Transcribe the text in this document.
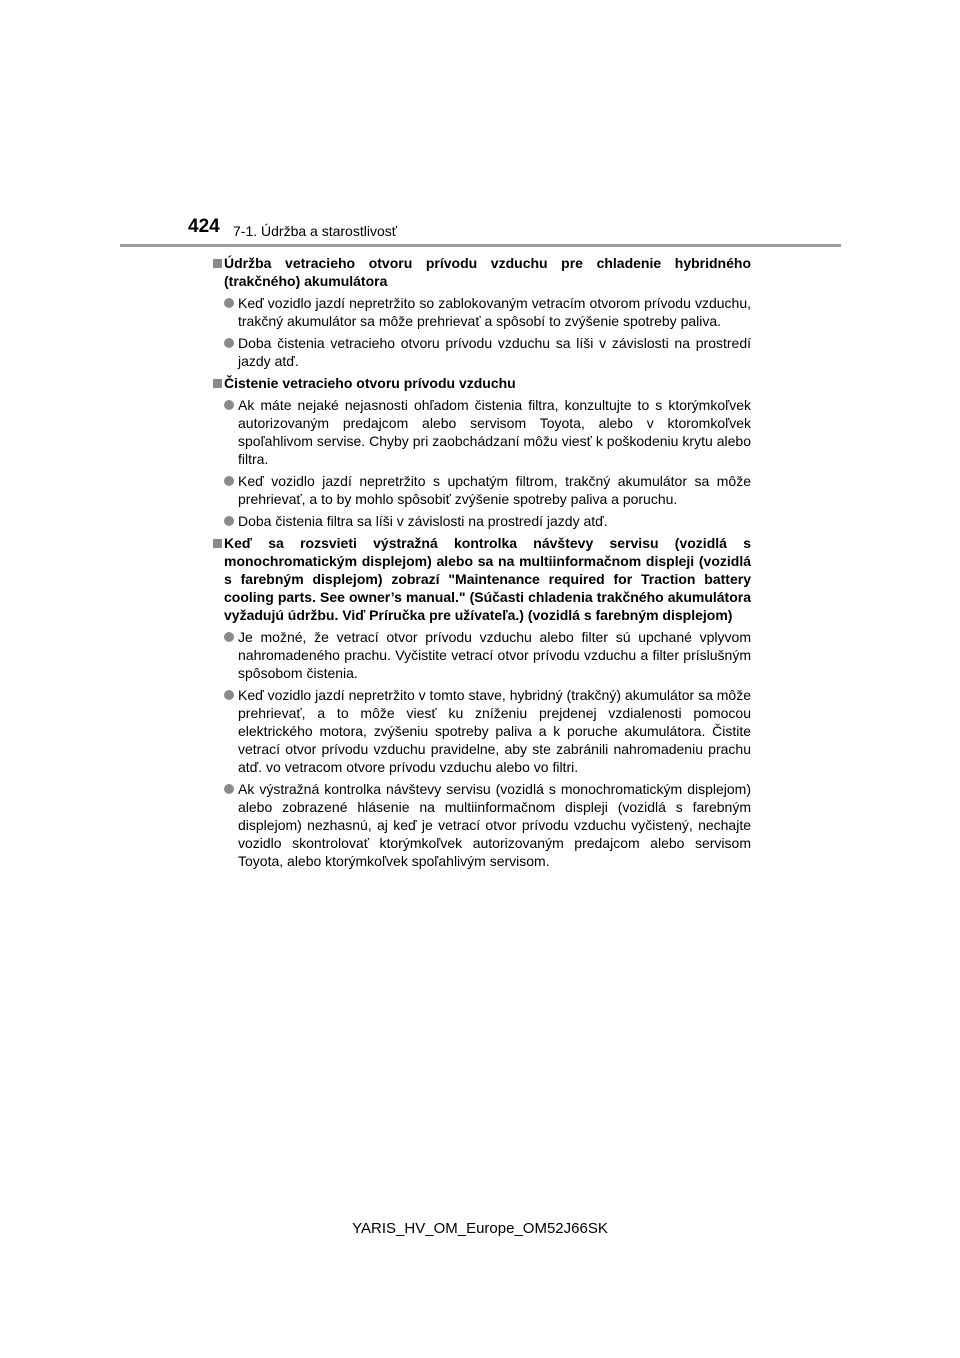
424 7-1. Údržba a starostlivosť
Údržba vetracieho otvoru prívodu vzduchu pre chladenie hybridného (trakčného) akumulátora
Keď vozidlo jazdí nepretržito so zablokovaným vetracím otvorom prívodu vzduchu, trakčný akumulátor sa môže prehrievať a spôsobí to zvýšenie spotreby paliva.
Doba čistenia vetracieho otvoru prívodu vzduchu sa líši v závislosti na prostredí jazdy atď.
Čistenie vetracieho otvoru prívodu vzduchu
Ak máte nejaké nejasnosti ohľadom čistenia filtra, konzultujte to s ktorýmkoľvek autorizovaným predajcom alebo servisom Toyota, alebo v ktoromkoľvek spoľahlivom servise. Chyby pri zaobchádzaní môžu viesť k poškodeniu krytu alebo filtra.
Keď vozidlo jazdí nepretržito s upchatým filtrom, trakčný akumulátor sa môže prehrievať, a to by mohlo spôsobiť zvýšenie spotreby paliva a poruchu.
Doba čistenia filtra sa líši v závislosti na prostredí jazdy atď.
Keď sa rozsvieti výstražná kontrolka návštevy servisu (vozidlá s monochromatickým displejom) alebo sa na multiinformačnom displeji (vozidlá s farebným displejom) zobrazí "Maintenance required for Traction battery cooling parts. See owner’s manual." (Súčasti chladenia trakčného akumulátora vyžadujú údržbu. Viď Príručka pre užívateľa.) (vozidlá s farebným displejom)
Je možné, že vetrací otvor prívodu vzduchu alebo filter sú upchané vplyvom nahromadeného prachu. Vyčistite vetrací otvor prívodu vzduchu a filter príslušným spôsobom čistenia.
Keď vozidlo jazdí nepretržito v tomto stave, hybridný (trakčný) akumulátor sa môže prehrievať, a to môže viesť ku zníženiu prejdenej vzdialenosti pomocou elektrického motora, zvýšeniu spotreby paliva a k poruche akumulátora. Čistite vetrací otvor prívodu vzduchu pravidelne, aby ste zabránili nahromadeniu prachu atď. vo vetracom otvore prívodu vzduchu alebo vo filtri.
Ak výstražná kontrolka návštevy servisu (vozidlá s monochromatickým displejom) alebo zobrazené hlásenie na multiinformačnom displeji (vozidlá s farebným displejom) nezhasnú, aj keď je vetrací otvor prívodu vzduchu vyčistený, nechajte vozidlo skontrolovať ktorýmkoľvek autorizovaným predajcom alebo servisom Toyota, alebo ktorýmkoľvek spoľahlivým servisom.
YARIS_HV_OM_Europe_OM52J66SK
